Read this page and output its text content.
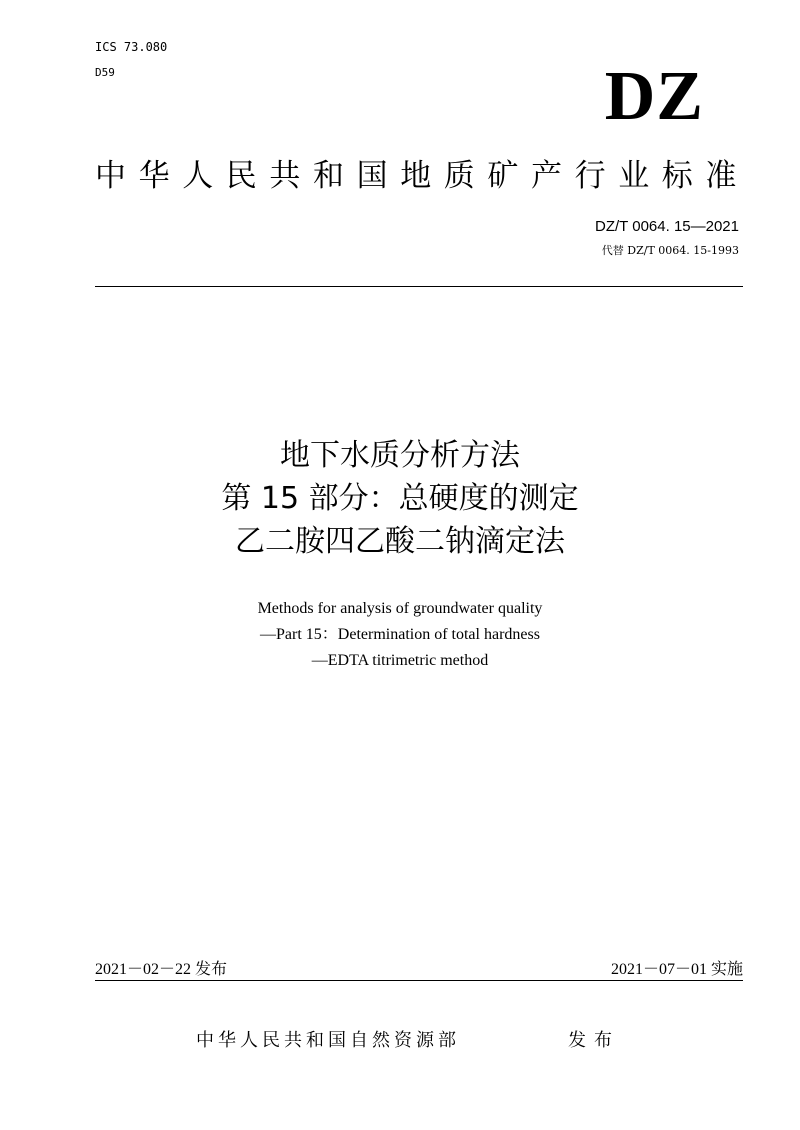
ICS 73.080
D59	DZ
中华人民共和国地质矿产行业标准
DZ/T 0064. 15—2021
代替 DZ/T 0064. 15-1993
地下水质分析方法
第 15 部分：总硬度的测定
乙二胺四乙酸二钠滴定法
Methods for analysis of groundwater quality
—Part 15：Determination of total hardness
—EDTA titrimetric method
2021－02－22 发布	2021－07－01 实施
中华人民共和国自然资源部	发布
